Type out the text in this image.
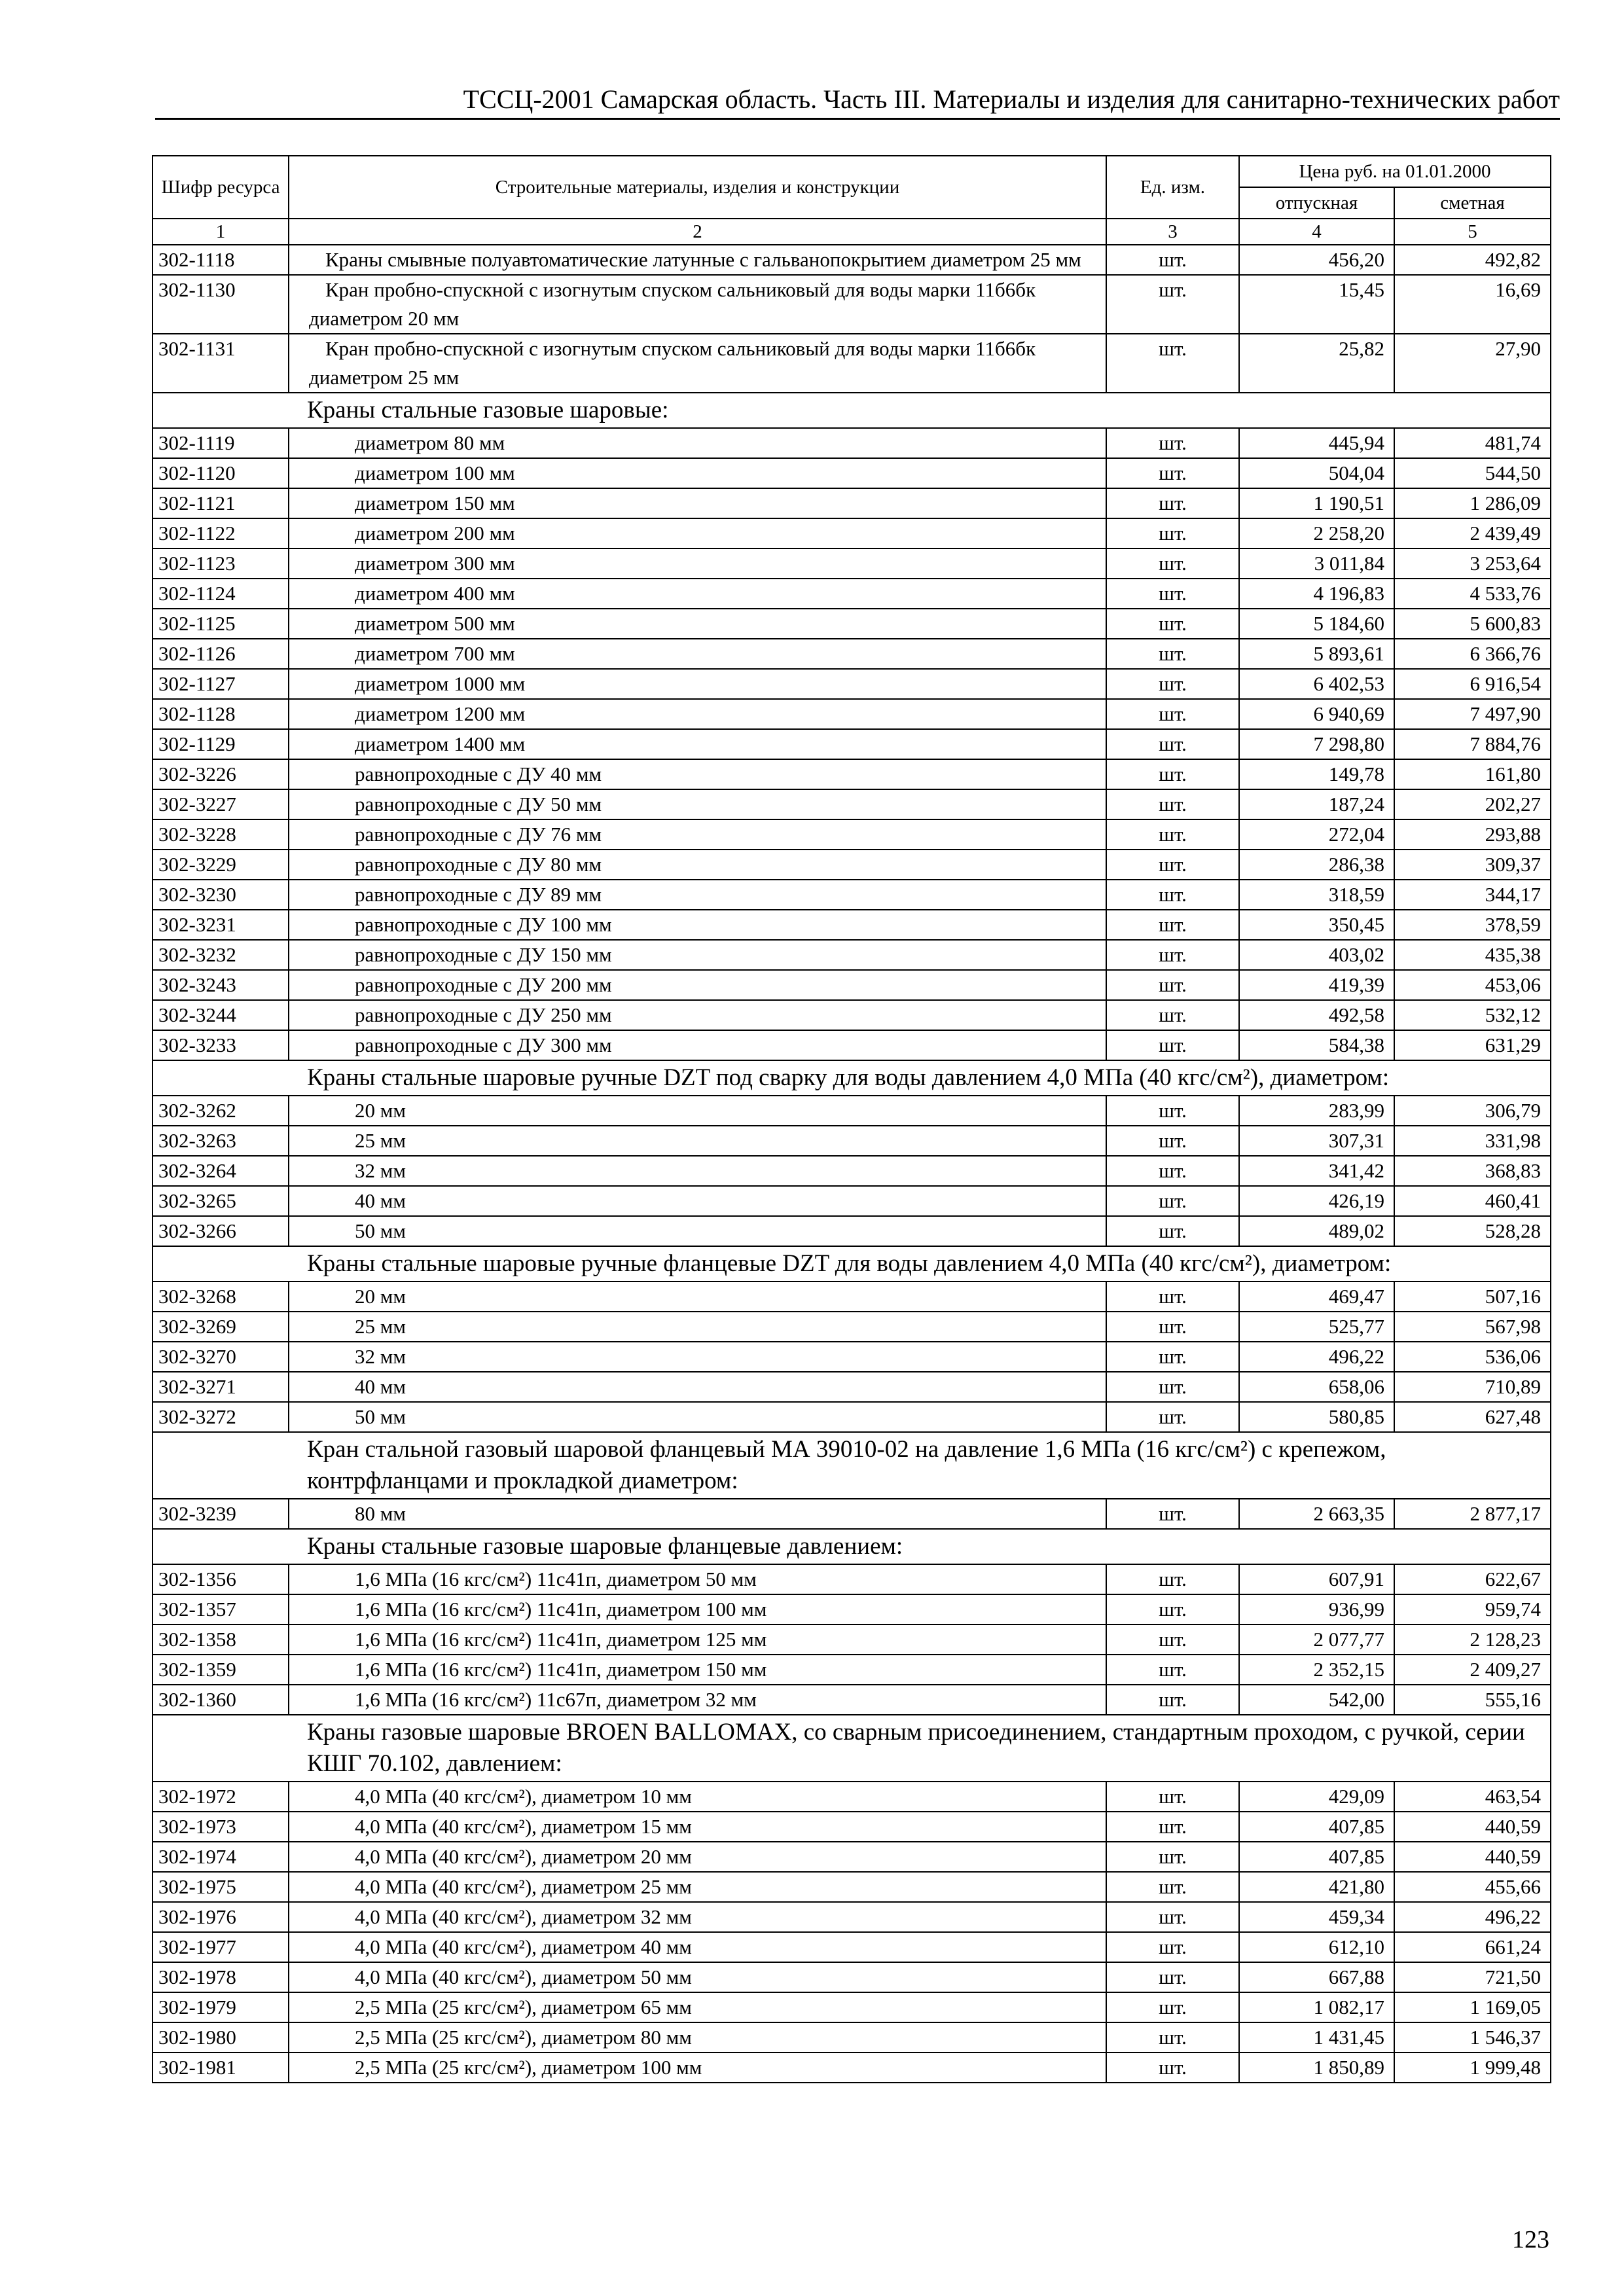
ТССЦ-2001 Самарская область. Часть III. Материалы и изделия для санитарно-технических работ
Шифр ресурса	Строительные материалы, изделия и конструкции	Ед. изм.	Цена руб. на 01.01.2000	
			отпускная	сметная
1	2	3	4	5
302-1118	Краны смывные полуавтоматические латунные с гальванопокрытием диаметром 25 мм	шт.	456,20	492,82
302-1130	Кран пробно-спускной с изогнутым спуском сальниковый для воды марки 11б6бк диаметром 20 мм	шт.	15,45	16,69
302-1131	Кран пробно-спускной с изогнутым спуском сальниковый для воды марки 11б6бк диаметром 25 мм	шт.	25,82	27,90
Краны стальные газовые шаровые:				
302-1119	диаметром 80 мм	шт.	445,94	481,74
302-1120	диаметром 100 мм	шт.	504,04	544,50
302-1121	диаметром 150 мм	шт.	1 190,51	1 286,09
302-1122	диаметром 200 мм	шт.	2 258,20	2 439,49
302-1123	диаметром 300 мм	шт.	3 011,84	3 253,64
302-1124	диаметром 400 мм	шт.	4 196,83	4 533,76
302-1125	диаметром 500 мм	шт.	5 184,60	5 600,83
302-1126	диаметром 700 мм	шт.	5 893,61	6 366,76
302-1127	диаметром 1000 мм	шт.	6 402,53	6 916,54
302-1128	диаметром 1200 мм	шт.	6 940,69	7 497,90
302-1129	диаметром 1400 мм	шт.	7 298,80	7 884,76
302-3226	равнопроходные с ДУ 40 мм	шт.	149,78	161,80
302-3227	равнопроходные с ДУ 50 мм	шт.	187,24	202,27
302-3228	равнопроходные с ДУ 76 мм	шт.	272,04	293,88
302-3229	равнопроходные с ДУ 80 мм	шт.	286,38	309,37
302-3230	равнопроходные с ДУ 89 мм	шт.	318,59	344,17
302-3231	равнопроходные с ДУ 100 мм	шт.	350,45	378,59
302-3232	равнопроходные с ДУ 150 мм	шт.	403,02	435,38
302-3243	равнопроходные с ДУ 200 мм	шт.	419,39	453,06
302-3244	равнопроходные с ДУ 250 мм	шт.	492,58	532,12
302-3233	равнопроходные с ДУ 300 мм	шт.	584,38	631,29
Краны стальные шаровые ручные DZT под сварку для воды давлением 4,0 МПа (40 кгс/см²), диаметром:				
302-3262	20 мм	шт.	283,99	306,79
302-3263	25 мм	шт.	307,31	331,98
302-3264	32 мм	шт.	341,42	368,83
302-3265	40 мм	шт.	426,19	460,41
302-3266	50 мм	шт.	489,02	528,28
Краны стальные шаровые ручные фланцевые DZT для воды давлением 4,0 МПа (40 кгс/см²), диаметром:				
302-3268	20 мм	шт.	469,47	507,16
302-3269	25 мм	шт.	525,77	567,98
302-3270	32 мм	шт.	496,22	536,06
302-3271	40 мм	шт.	658,06	710,89
302-3272	50 мм	шт.	580,85	627,48
Кран стальной газовый шаровой фланцевый МА 39010-02 на давление 1,6 МПа (16 кгс/см²) с крепежом, контрфланцами и прокладкой диаметром:				
302-3239	80 мм	шт.	2 663,35	2 877,17
Краны стальные газовые шаровые фланцевые давлением:				
302-1356	1,6 МПа (16 кгс/см²) 11с41п, диаметром 50 мм	шт.	607,91	622,67
302-1357	1,6 МПа (16 кгс/см²) 11с41п, диаметром 100 мм	шт.	936,99	959,74
302-1358	1,6 МПа (16 кгс/см²) 11с41п, диаметром 125 мм	шт.	2 077,77	2 128,23
302-1359	1,6 МПа (16 кгс/см²) 11с41п, диаметром 150 мм	шт.	2 352,15	2 409,27
302-1360	1,6 МПа (16 кгс/см²) 11с67п, диаметром 32 мм	шт.	542,00	555,16
Краны газовые шаровые BROEN BALLOMAX, со сварным присоединением, стандартным проходом, с ручкой, серии КШГ 70.102, давлением:				
302-1972	4,0 МПа (40 кгс/см²), диаметром 10 мм	шт.	429,09	463,54
302-1973	4,0 МПа (40 кгс/см²), диаметром 15 мм	шт.	407,85	440,59
302-1974	4,0 МПа (40 кгс/см²), диаметром 20 мм	шт.	407,85	440,59
302-1975	4,0 МПа (40 кгс/см²), диаметром 25 мм	шт.	421,80	455,66
302-1976	4,0 МПа (40 кгс/см²), диаметром 32 мм	шт.	459,34	496,22
302-1977	4,0 МПа (40 кгс/см²), диаметром 40 мм	шт.	612,10	661,24
302-1978	4,0 МПа (40 кгс/см²), диаметром 50 мм	шт.	667,88	721,50
302-1979	2,5 МПа (25 кгс/см²), диаметром 65 мм	шт.	1 082,17	1 169,05
302-1980	2,5 МПа (25 кгс/см²), диаметром 80 мм	шт.	1 431,45	1 546,37
302-1981	2,5 МПа (25 кгс/см²), диаметром 100 мм	шт.	1 850,89	1 999,48
123
